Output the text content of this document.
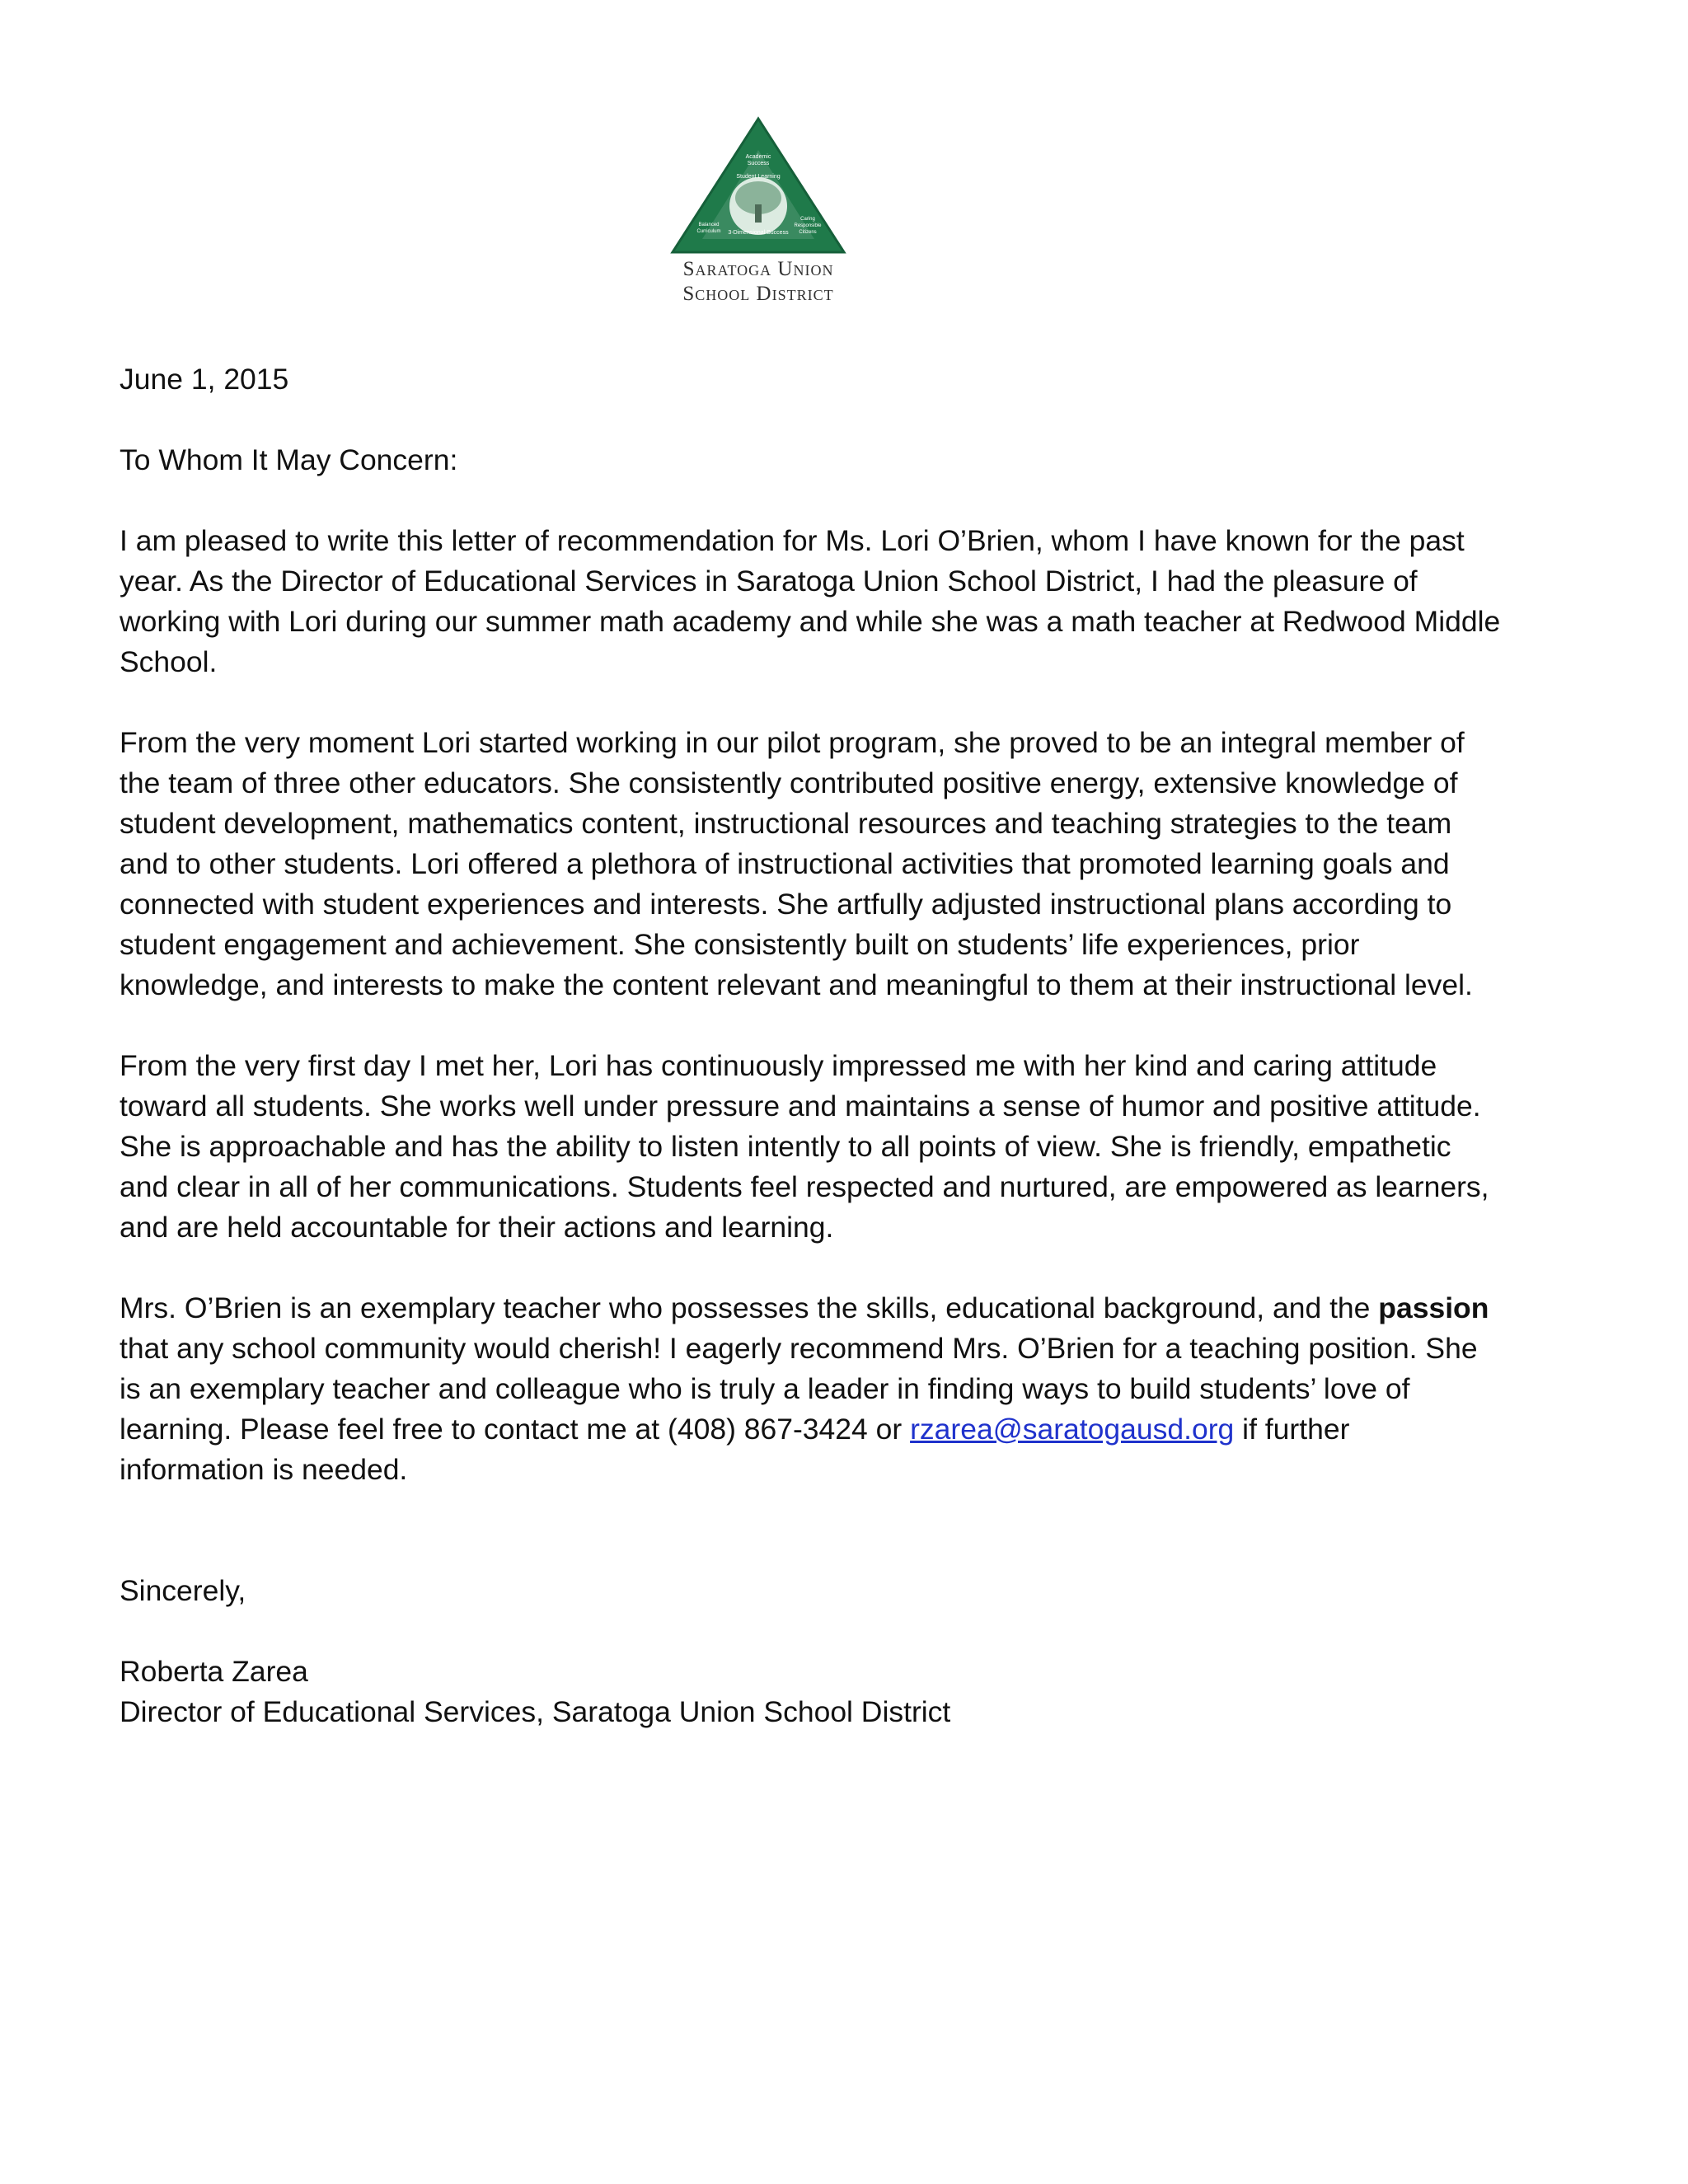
Academic
Success
Student Learning
3-Dimensional Success
Balanced
Curriculum
Caring
Responsible
Citizens
Saratoga Union
School District
June 1, 2015
To Whom It May Concern:
I am pleased to write this letter of recommendation for Ms. Lori O’Brien, whom I have known for the past
year. As the Director of Educational Services in Saratoga Union School District, I had the pleasure of
working with Lori during our summer math academy and while she was a math teacher at Redwood Middle
School.
From the very moment Lori started working in our pilot program, she proved to be an integral member of
the team of three other educators. She consistently contributed positive energy, extensive knowledge of
student development, mathematics content, instructional resources and teaching strategies to the team
and to other students. Lori offered a plethora of instructional activities that promoted learning goals and
connected with student experiences and interests. She artfully adjusted instructional plans according to
student engagement and achievement. She consistently built on students’ life experiences, prior
knowledge, and interests to make the content relevant and meaningful to them at their instructional level.
From the very first day I met her, Lori has continuously impressed me with her kind and caring attitude
toward all students. She works well under pressure and maintains a sense of humor and positive attitude.
She is approachable and has the ability to listen intently to all points of view. She is friendly, empathetic
and clear in all of her communications. Students feel respected and nurtured, are empowered as learners,
and are held accountable for their actions and learning.
Mrs. O’Brien is an exemplary teacher who possesses the skills, educational background, and the passion
that any school community would cherish! I eagerly recommend Mrs. O’Brien for a teaching position. She
is an exemplary teacher and colleague who is truly a leader in finding ways to build students’ love of
learning. Please feel free to contact me at (408) 867-3424 or rzarea@saratogausd.org if further
information is needed.
Sincerely,
Roberta Zarea
Director of Educational Services, Saratoga Union School District
